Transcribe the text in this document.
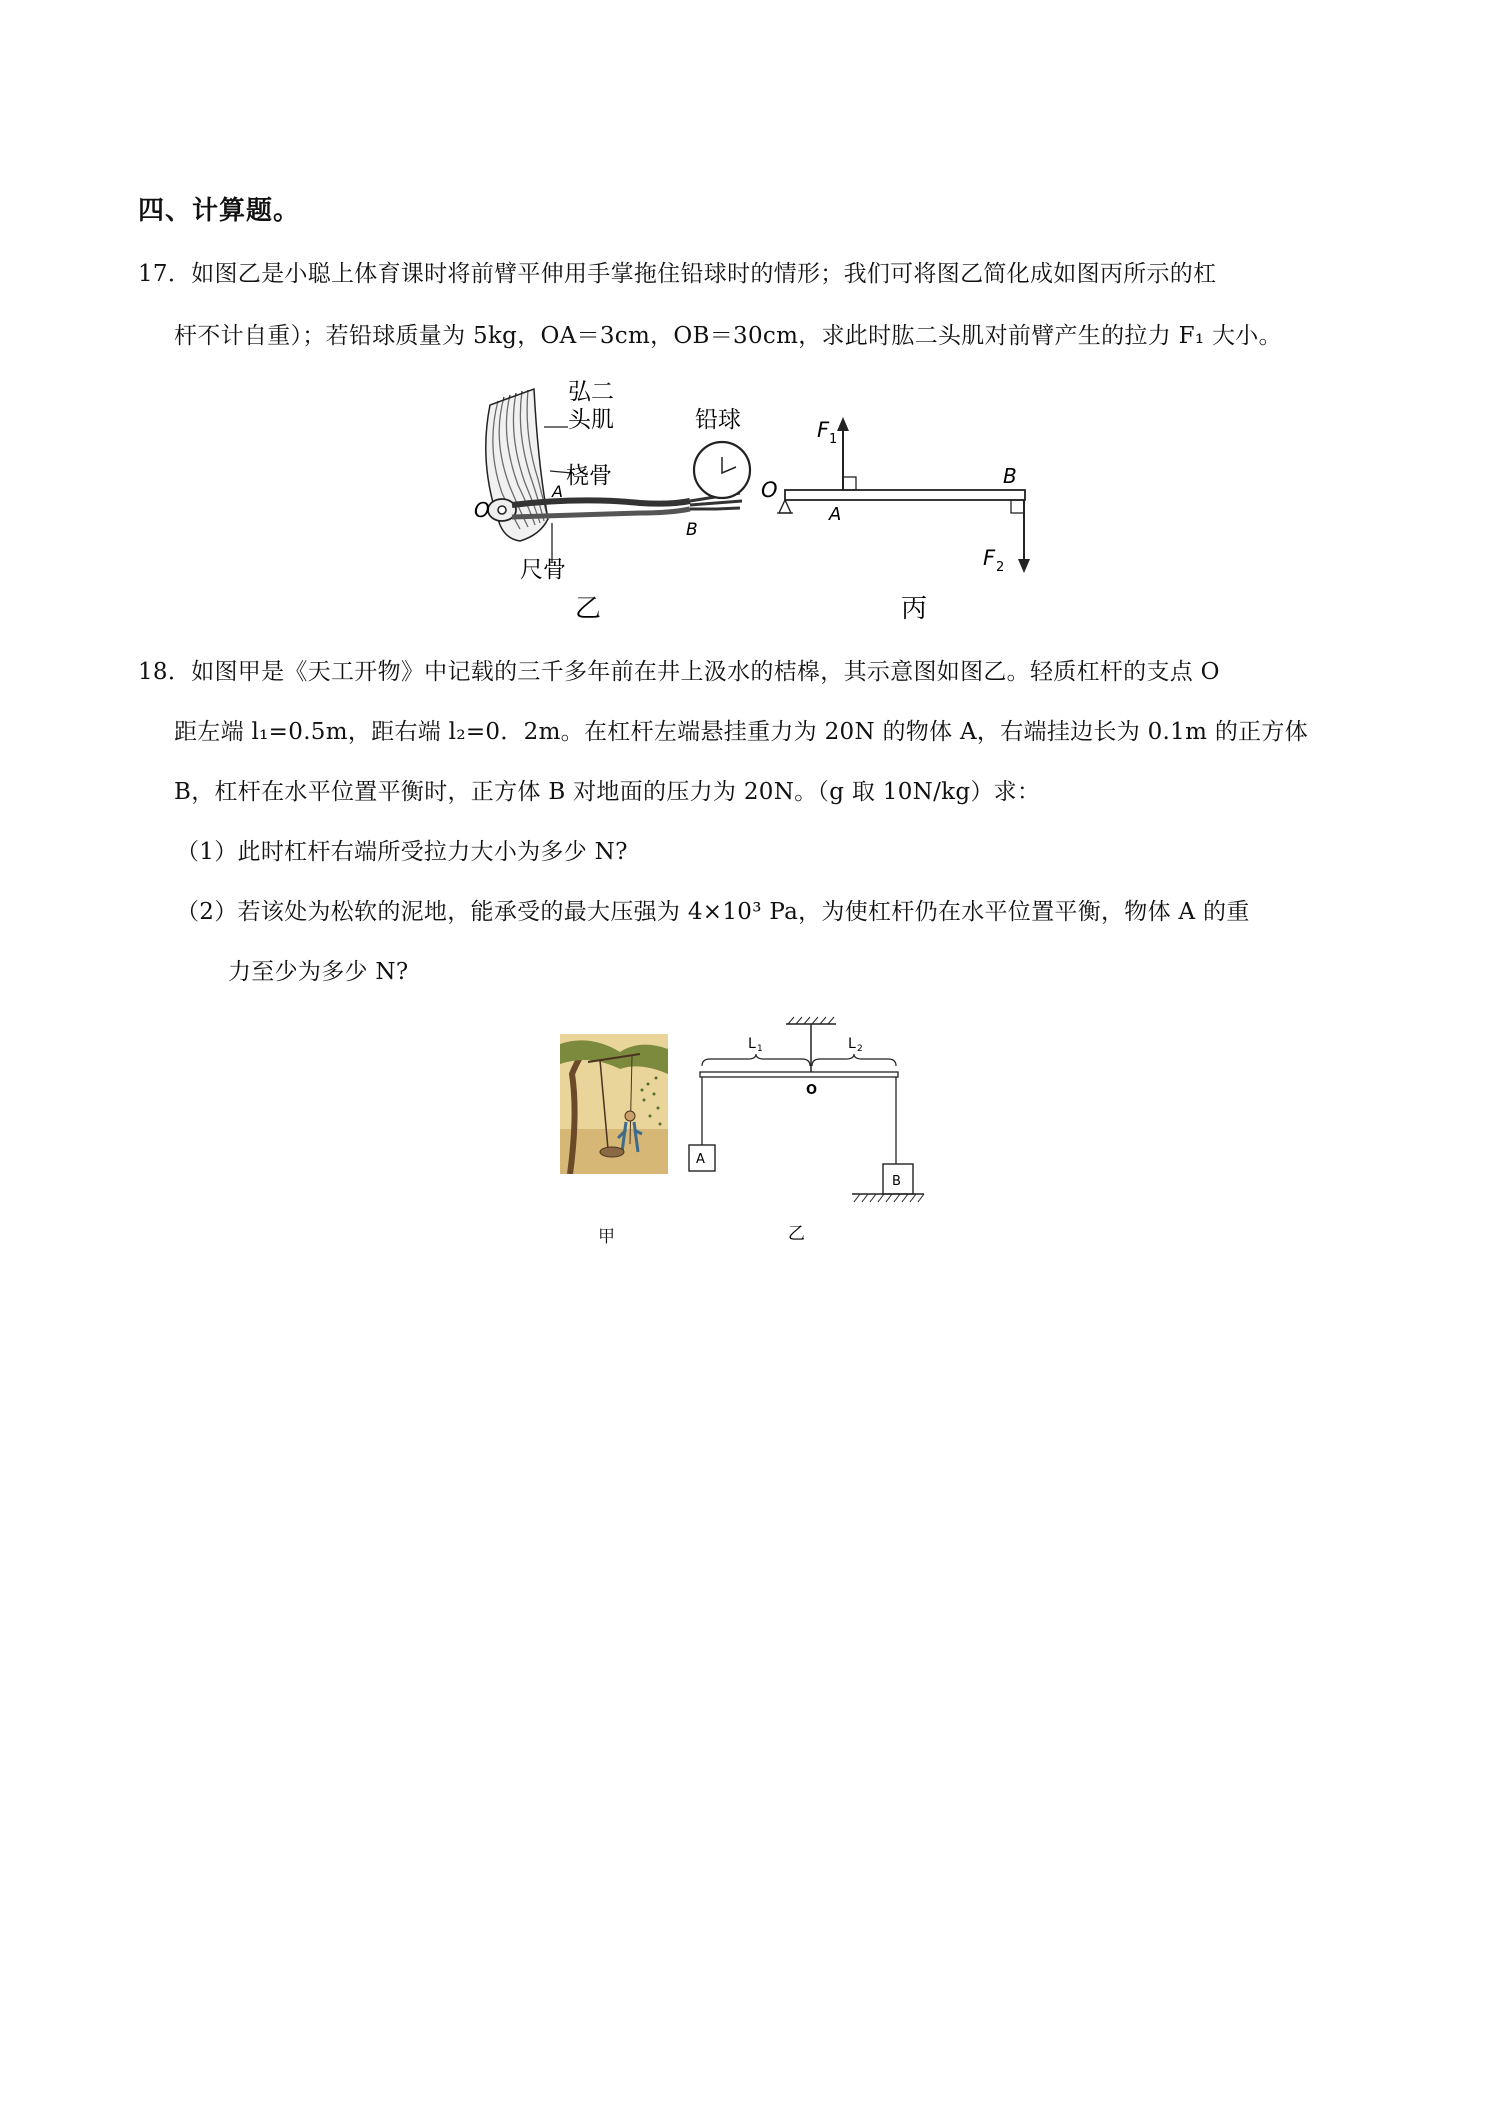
四、计算题。
17．如图乙是小聪上体育课时将前臂平伸用手掌拖住铅球时的情形；我们可将图乙简化成如图丙所示的杠
杆不计自重）；若铅球质量为 5kg，OA＝3cm，OB＝30cm，求此时肱二头肌对前臂产生的拉力 F₁ 大小。
弘二
头肌	铅球
桡骨
O
A
B
尺骨
乙
F 1
O
A
B
F 2
丙
18．如图甲是《天工开物》中记载的三千多年前在井上汲水的桔槔，其示意图如图乙。轻质杠杆的支点 O
距左端 l₁=0.5m，距右端 l₂=0．2m。在杠杆左端悬挂重力为 20N 的物体 A，右端挂边长为 0.1m 的正方体
B，杠杆在水平位置平衡时，正方体 B 对地面的压力为 20N。（g 取 10N/kg）求：
（1）此时杠杆右端所受拉力大小为多少 N?
（2）若该处为松软的泥地，能承受的最大压强为 4×10³ Pa，为使杠杆仍在水平位置平衡，物体 A 的重
力至少为多少 N?
甲
L 1	L 2
O
A
B
乙
